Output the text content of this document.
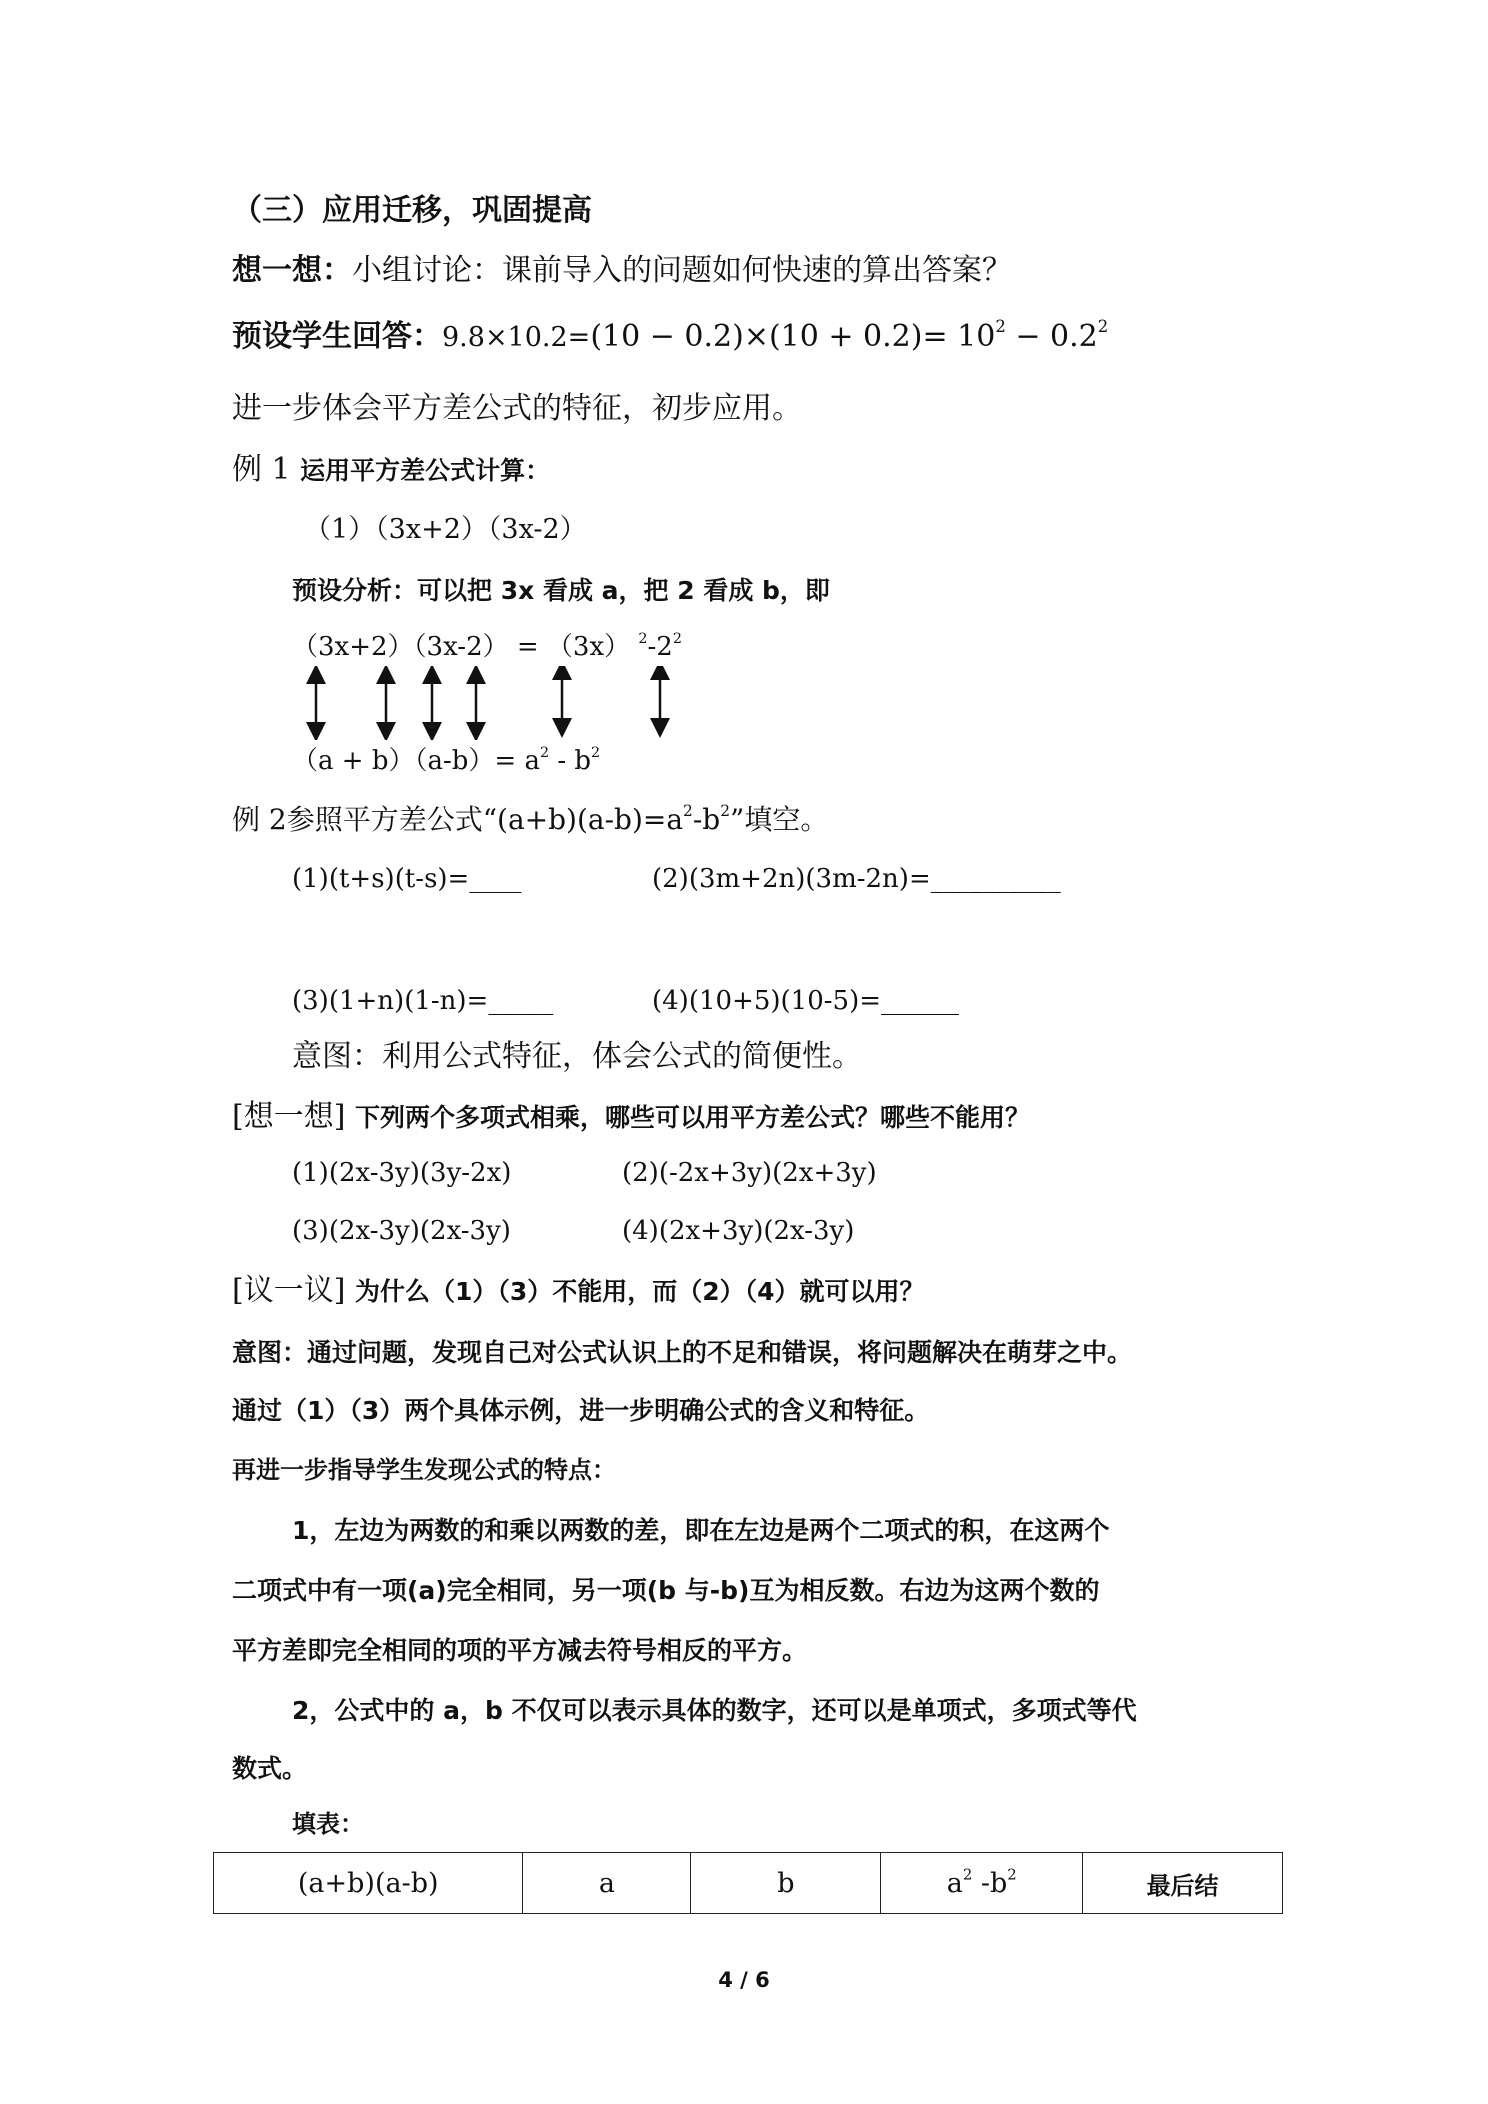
（三）应用迁移，巩固提高
想一想：小组讨论：课前导入的问题如何快速的算出答案？
预设学生回答：$9.8\times 10.2=(10 - 0.2)\times(10 + 0.2)= 10^2 - 0.2^2$
进一步体会平方差公式的特征，初步应用。
例 1 运用平方差公式计算：
（1）（3x+2）（3x-2）
预设分析：可以把 3x 看成 a，把 2 看成 b，即
（3x+2）（3x-2） = （3x） $^2-2^2$
$(a + b)(a-b)= a^2 - b^2$
例 2参照平方差公式“$(a+b)(a-b)=a^2-b^2$”填空。
(1)(t+s)(t-s)=____	(2)(3m+2n)(3m-2n)=__________
(3)(1+n)(1-n)=_____	(4)(10+5)(10-5)=______
意图：利用公式特征，体会公式的简便性。
[想一想] 下列两个多项式相乘，哪些可以用平方差公式？哪些不能用？
(1)(2x-3y)(3y-2x)	(2)(-2x+3y)(2x+3y)
(3)(2x-3y)(2x-3y)	(4)(2x+3y)(2x-3y)
[议一议] 为什么（1）（3）不能用，而（2）（4）就可以用？
意图：通过问题，发现自己对公式认识上的不足和错误，将问题解决在萌芽之中。
通过（1）（3）两个具体示例，进一步明确公式的含义和特征。
再进一步指导学生发现公式的特点：
1，左边为两数的和乘以两数的差，即在左边是两个二项式的积，在这两个
二项式中有一项(a)完全相同，另一项(b 与-b)互为相反数。右边为这两个数的
平方差即完全相同的项的平方减去符号相反的平方。
2，公式中的 a，b 不仅可以表示具体的数字，还可以是单项式，多项式等代
数式。
填表：
(a+b)(a-b)	a	b	$a^2$ $-b^2$	最后结
4 / 6
